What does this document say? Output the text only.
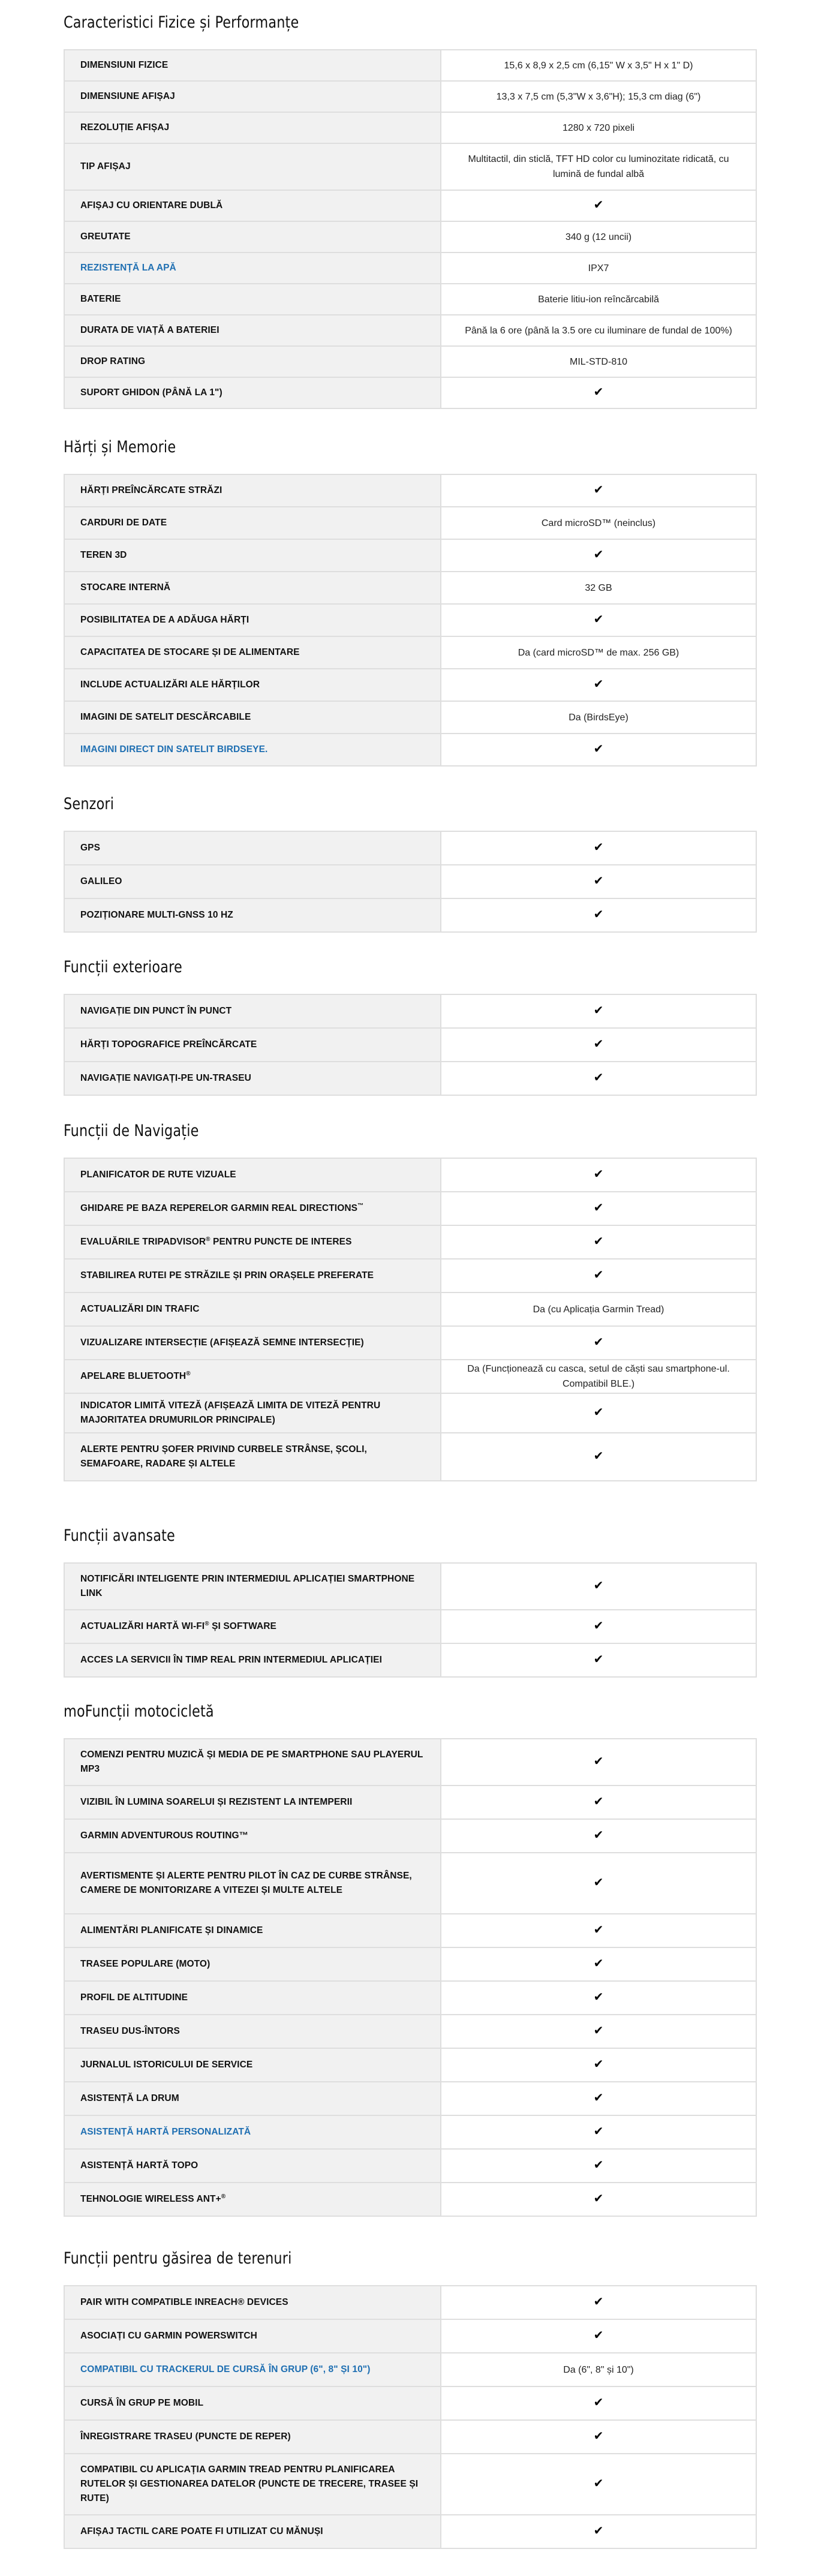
Caracteristici Fizice și Performanțe
DIMENSIUNI FIZICE	15,6 x 8,9 x 2,5 cm (6,15" W x 3,5" H x 1" D)
DIMENSIUNE AFIȘAJ	13,3 x 7,5 cm (5,3"W x 3,6"H); 15,3 cm diag (6")
REZOLUȚIE AFIȘAJ	1280 x 720 pixeli
TIP AFIȘAJ	Multitactil, din sticlă, TFT HD color cu luminozitate ridicată, cu lumină de fundal albă
AFIȘAJ CU ORIENTARE DUBLĂ	✔
GREUTATE	340 g (12 uncii)
REZISTENȚĂ LA APĂ	IPX7
BATERIE	Baterie litiu-ion reîncărcabilă
DURATA DE VIAȚĂ A BATERIEI	Până la 6 ore (până la 3.5 ore cu iluminare de fundal de 100%)
DROP RATING	MIL-STD-810
SUPORT GHIDON (PÂNĂ LA 1")	✔
Hărți și Memorie
HĂRȚI PREÎNCĂRCATE STRĂZI	✔
CARDURI DE DATE	Card microSD™ (neinclus)
TEREN 3D	✔
STOCARE INTERNĂ	32 GB
POSIBILITATEA DE A ADĂUGA HĂRȚI	✔
CAPACITATEA DE STOCARE ȘI DE ALIMENTARE	Da (card microSD™ de max. 256 GB)
INCLUDE ACTUALIZĂRI ALE HĂRȚILOR	✔
IMAGINI DE SATELIT DESCĂRCABILE	Da (BirdsEye)
IMAGINI DIRECT DIN SATELIT BIRDSEYE.	✔
Senzori
GPS	✔
GALILEO	✔
POZIȚIONARE MULTI-GNSS 10 HZ	✔
Funcții exterioare
NAVIGAȚIE DIN PUNCT ÎN PUNCT	✔
HĂRȚI TOPOGRAFICE PREÎNCĂRCATE	✔
NAVIGAȚIE NAVIGAȚI-PE UN-TRASEU	✔
Funcții de Navigație
PLANIFICATOR DE RUTE VIZUALE	✔
GHIDARE PE BAZA REPERELOR GARMIN REAL DIRECTIONS™	✔
EVALUĂRILE TRIPADVISOR® PENTRU PUNCTE DE INTERES	✔
STABILIREA RUTEI PE STRĂZILE ȘI PRIN ORAȘELE PREFERATE	✔
ACTUALIZĂRI DIN TRAFIC	Da (cu Aplicația Garmin Tread)
VIZUALIZARE INTERSECȚIE (AFIȘEAZĂ SEMNE INTERSECȚIE)	✔
APELARE BLUETOOTH®	Da (Funcționează cu casca, setul de căști sau smartphone-ul. Compatibil BLE.)
INDICATOR LIMITĂ VITEZĂ (AFIȘEAZĂ LIMITA DE VITEZĂ PENTRU MAJORITATEA DRUMURILOR PRINCIPALE)	✔
ALERTE PENTRU ȘOFER PRIVIND CURBELE STRÂNSE, ȘCOLI, SEMAFOARE, RADARE ȘI ALTELE	✔
Funcții avansate
NOTIFICĂRI INTELIGENTE PRIN INTERMEDIUL APLICAȚIEI SMARTPHONE LINK	✔
ACTUALIZĂRI HARTĂ WI-FI® ȘI SOFTWARE	✔
ACCES LA SERVICII ÎN TIMP REAL PRIN INTERMEDIUL APLICAȚIEI	✔
moFuncții motocicletă
COMENZI PENTRU MUZICĂ ȘI MEDIA DE PE SMARTPHONE SAU PLAYERUL MP3	✔
VIZIBIL ÎN LUMINA SOARELUI ȘI REZISTENT LA INTEMPERII	✔
GARMIN ADVENTUROUS ROUTING™	✔
AVERTISMENTE ȘI ALERTE PENTRU PILOT ÎN CAZ DE CURBE STRÂNSE, CAMERE DE MONITORIZARE A VITEZEI ȘI MULTE ALTELE	✔
ALIMENTĂRI PLANIFICATE ȘI DINAMICE	✔
TRASEE POPULARE (MOTO)	✔
PROFIL DE ALTITUDINE	✔
TRASEU DUS-ÎNTORS	✔
JURNALUL ISTORICULUI DE SERVICE	✔
ASISTENȚĂ LA DRUM	✔
ASISTENȚĂ HARTĂ PERSONALIZATĂ	✔
ASISTENȚĂ HARTĂ TOPO	✔
TEHNOLOGIE WIRELESS ANT+®	✔
Funcții pentru găsirea de terenuri
PAIR WITH COMPATIBLE INREACH® DEVICES	✔
ASOCIAȚI CU GARMIN POWERSWITCH	✔
COMPATIBIL CU TRACKERUL DE CURSĂ ÎN GRUP (6", 8" ȘI 10")	Da (6", 8" și 10")
CURSĂ ÎN GRUP PE MOBIL	✔
ÎNREGISTRARE TRASEU (PUNCTE DE REPER)	✔
COMPATIBIL CU APLICAȚIA GARMIN TREAD PENTRU PLANIFICAREA RUTELOR ȘI GESTIONAREA DATELOR (PUNCTE DE TRECERE, TRASEE ȘI RUTE)	✔
AFIȘAJ TACTIL CARE POATE FI UTILIZAT CU MĂNUȘI	✔
